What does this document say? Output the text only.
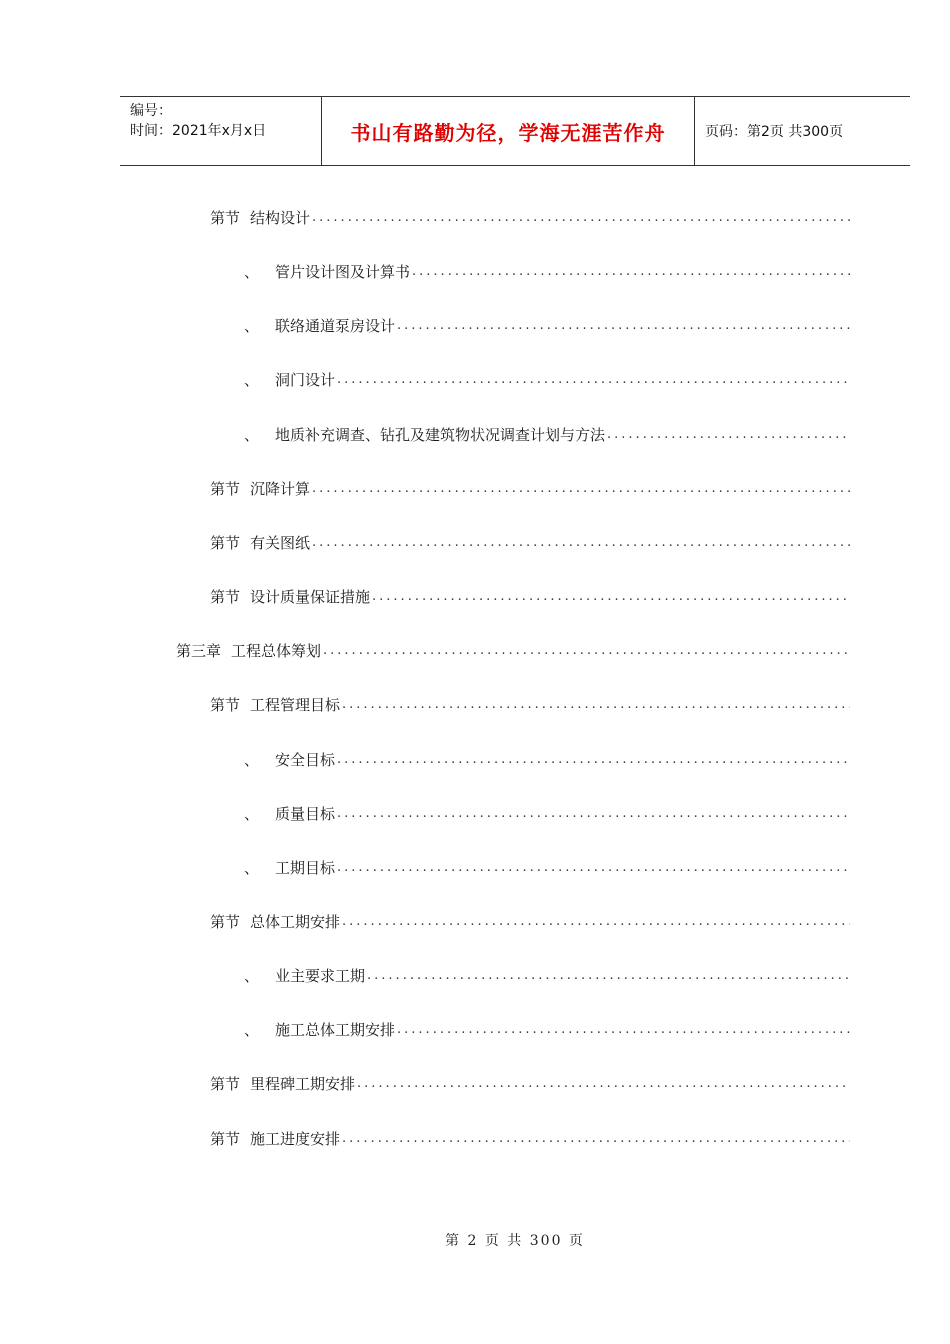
编号：
时间：2021年x月x日	书山有路勤为径，学海无涯苦作舟	页码：第2页 共300页
第节 结构设计
.....
、 管片设计图及计算书
.....
、 联络通道泵房设计
.....
、 洞门设计
.....
、 地质补充调查、钻孔及建筑物状况调查计划与方法
.....
第节 沉降计算
.....
第节 有关图纸
.....
第节 设计质量保证措施
.....
第三章 工程总体筹划
.....
第节 工程管理目标
.....
、 安全目标
.....
、 质量目标
.....
、 工期目标
.....
第节 总体工期安排
.....
、 业主要求工期
.....
、 施工总体工期安排
.....
第节 里程碑工期安排
.....
第节 施工进度安排
.....
第 2 页 共 300 页
